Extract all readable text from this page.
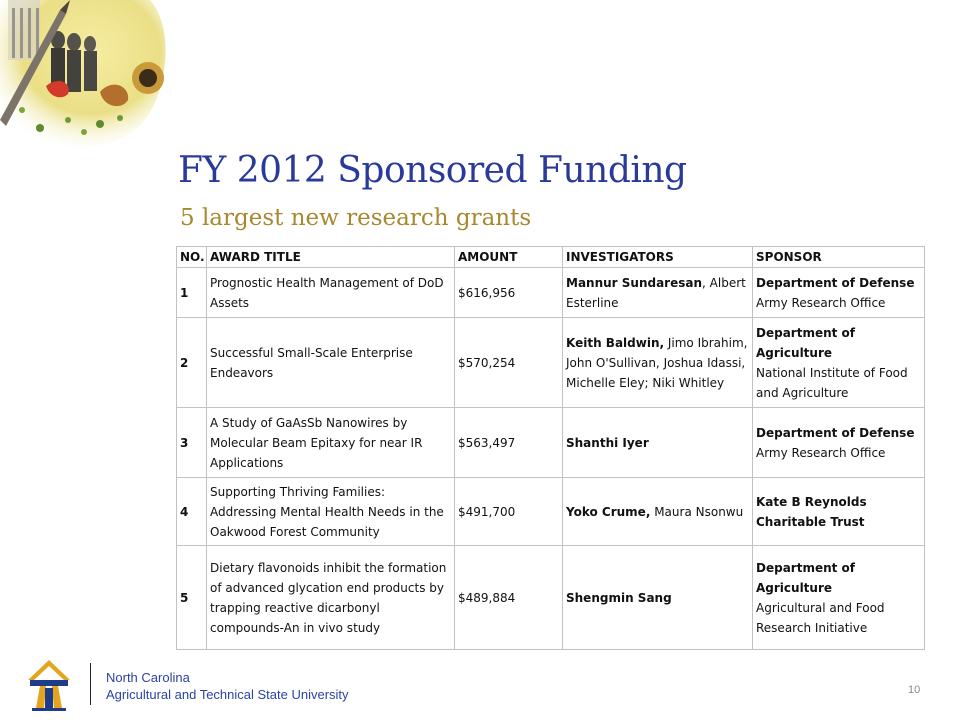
FY 2012 Sponsored Funding
5 largest new research grants
NO.	AWARD TITLE	AMOUNT	INVESTIGATORS	SPONSOR
1	Prognostic Health Management of DoD Assets	$616,956	Mannur Sundaresan, Albert Esterline	Department of Defense
Army Research Office
2	Successful Small-Scale Enterprise Endeavors	$570,254	Keith Baldwin, Jimo Ibrahim, John O'Sullivan, Joshua Idassi, Michelle Eley; Niki Whitley	Department of Agriculture
National Institute of Food and Agriculture
3	A Study of GaAsSb Nanowires by Molecular Beam Epitaxy for near IR Applications	$563,497	Shanthi Iyer	Department of Defense
Army Research Office
4	Supporting Thriving Families: Addressing Mental Health Needs in the Oakwood Forest Community	$491,700	Yoko Crume, Maura Nsonwu	Kate B Reynolds Charitable Trust

5	Dietary flavonoids inhibit the formation of advanced glycation end products by trapping reactive dicarbonyl compounds-An in vivo study	$489,884	Shengmin Sang	Department of Agriculture
Agricultural and Food Research Initiative
North Carolina
Agricultural and Technical State University	10
